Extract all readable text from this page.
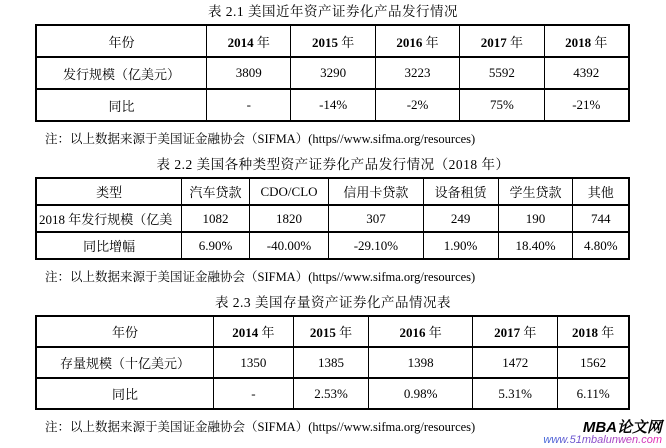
表 2.1 美国近年资产证券化产品发行情况
年份	2014 年	2015 年	2016 年	2017 年	2018 年
发行规模（亿美元）	3809	3290	3223	5592	4392
同比	-	-14%	-2%	75%	-21%
注：以上数据来源于美国证金融协会（SIFMA）(https//www.sifma.org/resources)
表 2.2 美国各种类型资产证券化产品发行情况（2018 年）
类型	汽车贷款	CDO/CLO	信用卡贷款	设备租赁	学生贷款	其他
2018 年发行规模（亿美	1082	1820	307	249	190	744
同比增幅	6.90%	-40.00%	-29.10%	1.90%	18.40%	4.80%
注：以上数据来源于美国证金融协会（SIFMA）(https//www.sifma.org/resources)
表 2.3 美国存量资产证券化产品情况表
年份	2014 年	2015 年	2016 年	2017 年	2018 年
存量规模（十亿美元）	1350	1385	1398	1472	1562
同比	-	2.53%	0.98%	5.31%	6.11%
注：以上数据来源于美国证金融协会（SIFMA）(https//www.sifma.org/resources)	MBA论文网
www.51mbalunwen.com
